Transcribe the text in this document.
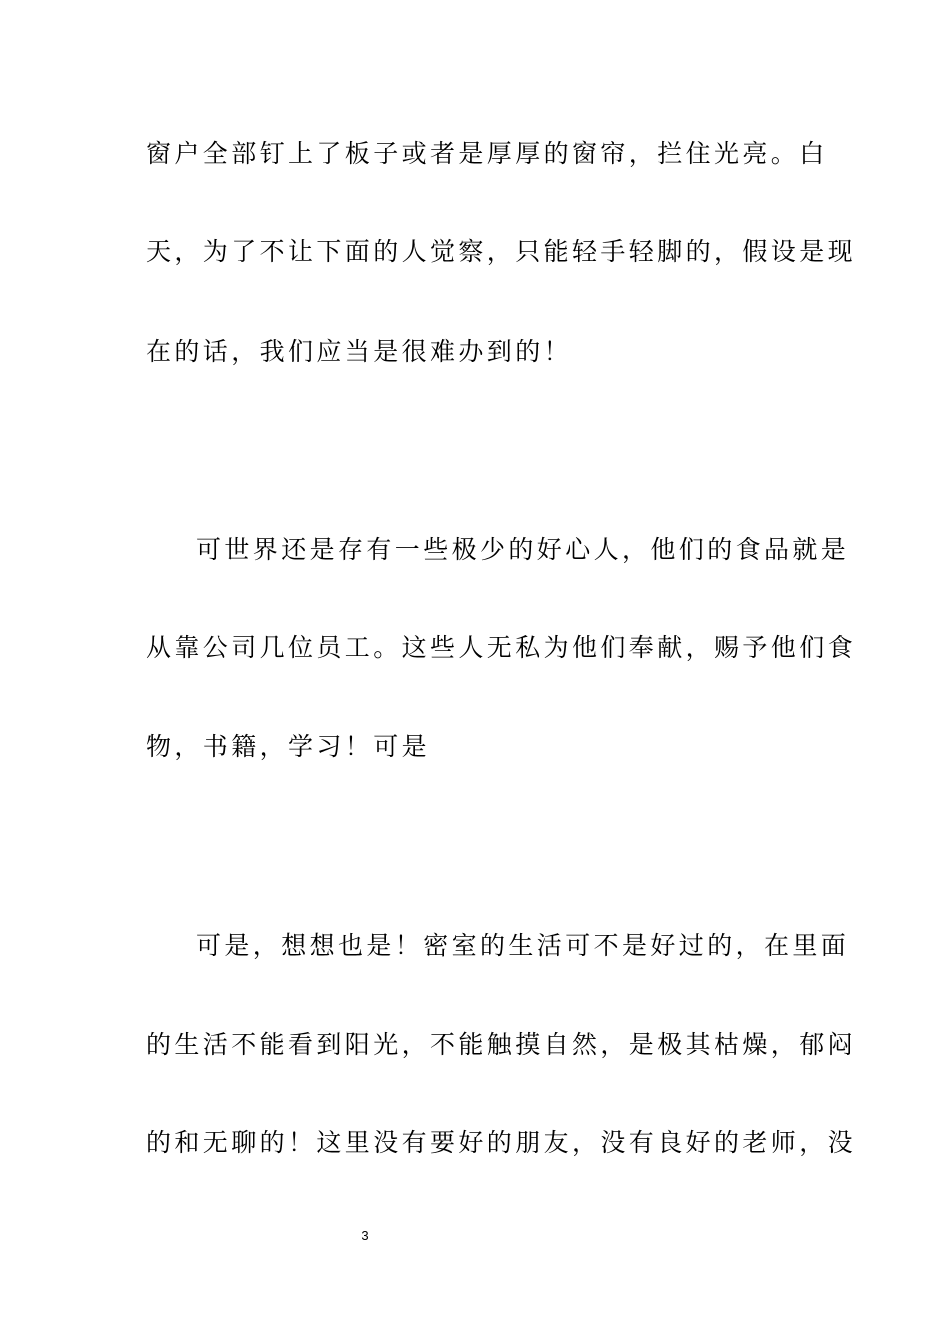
窗户全部钉上了板子或者是厚厚的窗帘，拦住光亮。白
天，为了不让下面的人觉察，只能轻手轻脚的，假设是现
在的话，我们应当是很难办到的！
可世界还是存有一些极少的好心人，他们的食品就是
从靠公司几位员工。这些人无私为他们奉献，赐予他们食
物，书籍，学习！可是
可是，想想也是！密室的生活可不是好过的，在里面
的生活不能看到阳光，不能触摸自然，是极其枯燥，郁闷
的和无聊的！这里没有要好的朋友，没有良好的老师，没
3
